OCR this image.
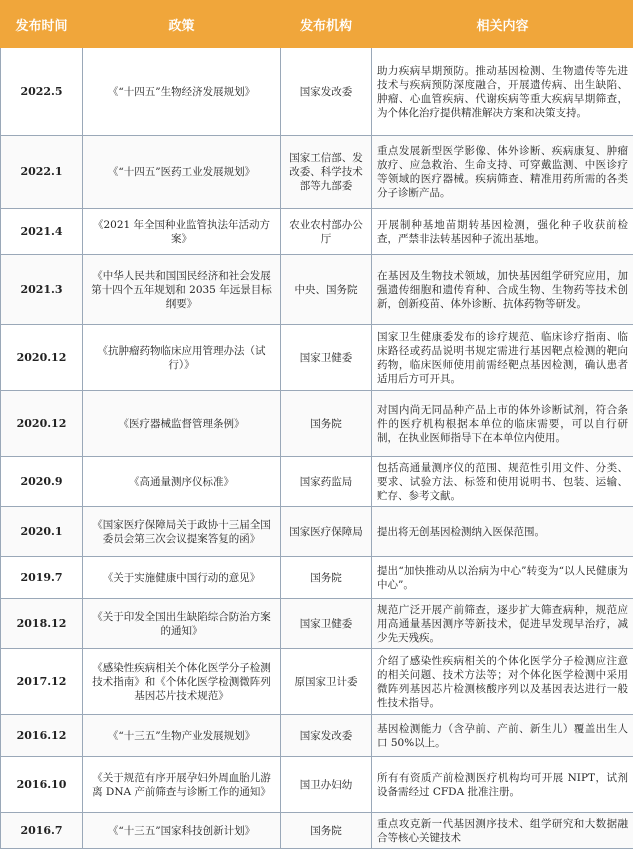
发布时间	政策	发布机构	相关内容
2022.5	《“十四五”生物经济发展规划》	国家发改委	助力疾病早期预防。推动基因检测、生物遗传等先进技术与疾病预防深度融合，开展遗传病、出生缺陷、肿瘤、心血管疾病、代谢疾病等重大疾病早期筛查，为个体化治疗提供精准解决方案和决策支持。
2022.1	《“十四五”医药工业发展规划》	国家工信部、发改委、科学技术部等九部委	重点发展新型医学影像、体外诊断、疾病康复、肿瘤放疗、应急救治、生命支持、可穿戴监测、中医诊疗等领域的医疗器械。疾病筛查、精准用药所需的各类分子诊断产品。
2021.4	《2021 年全国种业监管执法年活动方案》	农业农村部办公厅	开展制种基地苗期转基因检测，强化种子收获前检查，严禁非法转基因种子流出基地。
2021.3	《中华人民共和国国民经济和社会发展第十四个五年规划和 2035 年远景目标纲要》	中央、国务院	在基因及生物技术领域，加快基因组学研究应用，加强遗传细胞和遗传育种、合成生物、生物药等技术创新，创新疫苗、体外诊断、抗体药物等研发。
2020.12	《抗肿瘤药物临床应用管理办法（试行）》	国家卫健委	国家卫生健康委发布的诊疗规范、临床诊疗指南、临床路径或药品说明书规定需进行基因靶点检测的靶向药物，临床医师使用前需经靶点基因检测，确认患者适用后方可开具。
2020.12	《医疗器械监督管理条例》	国务院	对国内尚无同品种产品上市的体外诊断试剂，符合条件的医疗机构根据本单位的临床需要，可以自行研制，在执业医师指导下在本单位内使用。
2020.9	《高通量测序仪标准》	国家药监局	包括高通量测序仪的范围、规范性引用文件、分类、要求、试验方法、标签和使用说明书、包装、运输、贮存、参考文献。
2020.1	《国家医疗保障局关于政协十三届全国委员会第三次会议提案答复的函》	国家医疗保障局	提出将无创基因检测纳入医保范围。
2019.7	《关于实施健康中国行动的意见》	国务院	提出“加快推动从以治病为中心”转变为“以人民健康为中心”。
2018.12	《关于印发全国出生缺陷综合防治方案的通知》	国家卫健委	规范广泛开展产前筛查，逐步扩大筛查病种，规范应用高通量基因测序等新技术，促进早发现早治疗，减少先天残疾。
2017.12	《感染性疾病相关个体化医学分子检测技术指南》和《个体化医学检测微阵列基因芯片技术规范》	原国家卫计委	介绍了感染性疾病相关的个体化医学分子检测应注意的相关问题、技术方法等；对个体化医学检测中采用微阵列基因芯片检测核酸序列以及基因表达进行一般性技术指导。
2016.12	《“十三五”生物产业发展规划》	国家发改委	基因检测能力（含孕前、产前、新生儿）覆盖出生人口 50%以上。
2016.10	《关于规范有序开展孕妇外周血胎儿游离 DNA 产前筛查与诊断工作的通知》	国卫办妇幼	所有有资质产前检测医疗机构均可开展 NIPT，试剂设备需经过 CFDA 批准注册。
2016.7	《“十三五”国家科技创新计划》	国务院	重点攻克新一代基因测序技术、组学研究和大数据融合等核心关键技术
